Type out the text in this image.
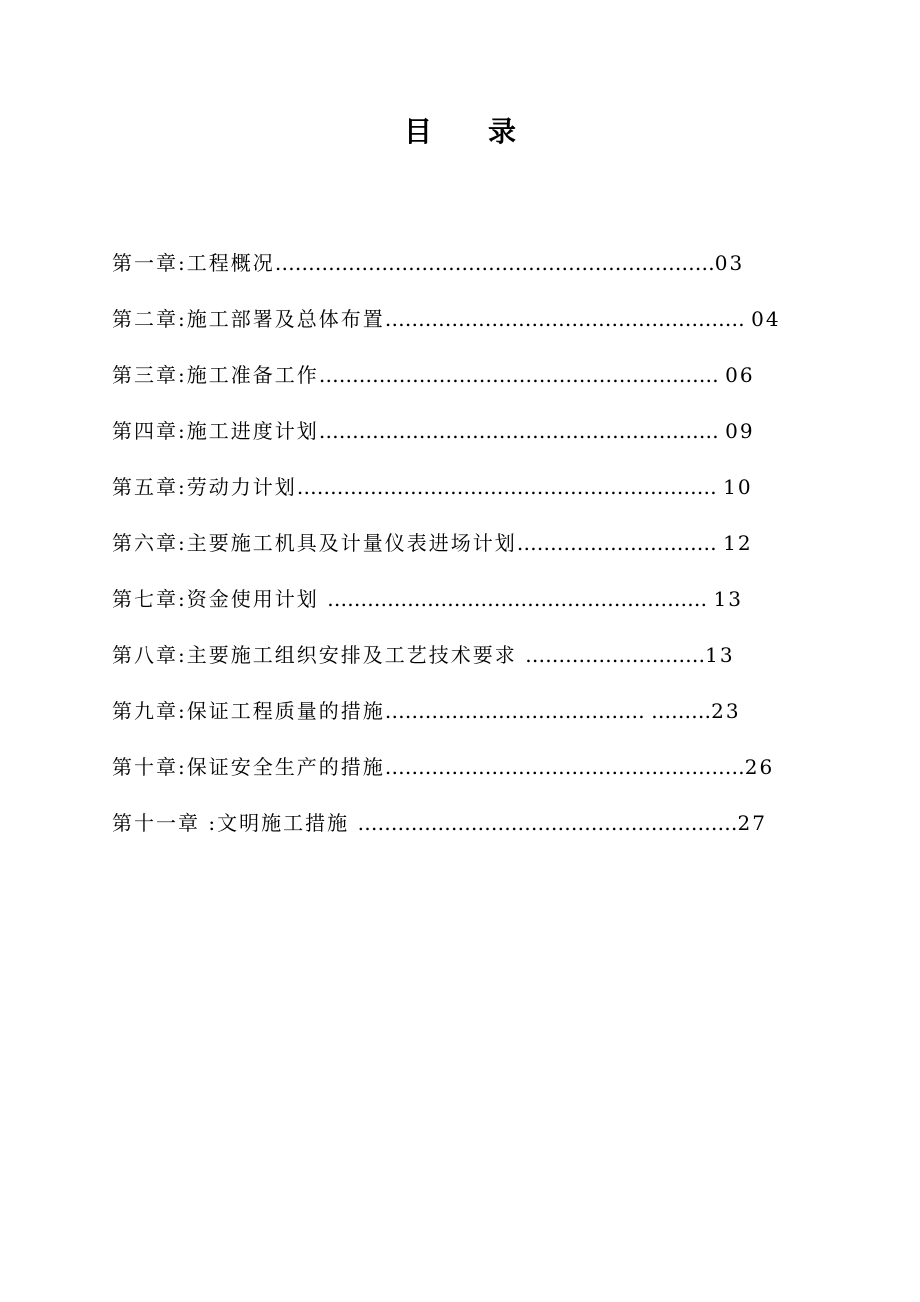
目 录
第一章:工程概况…………………………………………………………03
第二章:施工部署及总体布置……………………………………………… 04
第三章:施工准备工作…………………………………………………… 06
第四章:施工进度计划…………………………………………………… 09
第五章:劳动力计划……………………………………………………… 10
第六章:主要施工机具及计量仪表进场计划………………………… 12
第七章:资金使用计划 ………………………………………………… 13
第八章:主要施工组织安排及工艺技术要求 ………………………13
第九章:保证工程质量的措施………………………………… ………23
第十章:保证安全生产的措施………………………………………………26
第十一章 :文明施工措施 …………………………………………………27
